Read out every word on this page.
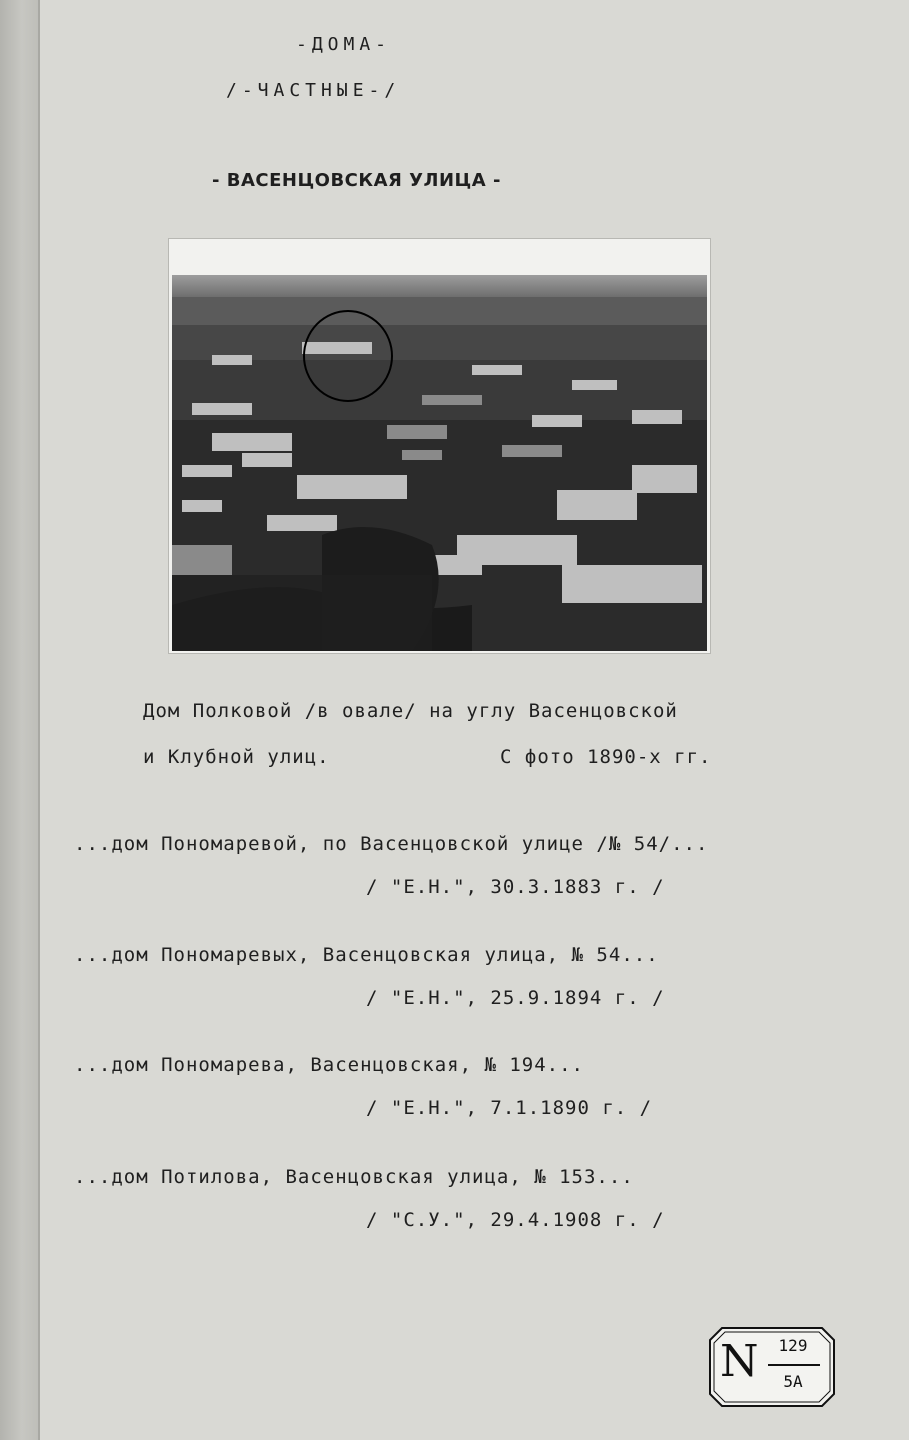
-ДОМА-
/-ЧАСТНЫЕ-/
- ВАСЕНЦОВСКАЯ УЛИЦА -
Дом Полковой /в овале/ на углу Васенцовской
и Клубной улиц.	С фото 1890-х гг.
...дом Пономаревой, по Васенцовской улице /№ 54/...
/ "Е.Н.", 30.3.1883 г. /
...дом Пономаревых, Васенцовская улица, № 54...
/ "Е.Н.", 25.9.1894 г. /
...дом Пономарева, Васенцовская, № 194...
/ "Е.Н.", 7.1.1890 г. /
...дом Потилова, Васенцовская улица, № 153...
/ "С.У.", 29.4.1908 г. /
N	129
5А
